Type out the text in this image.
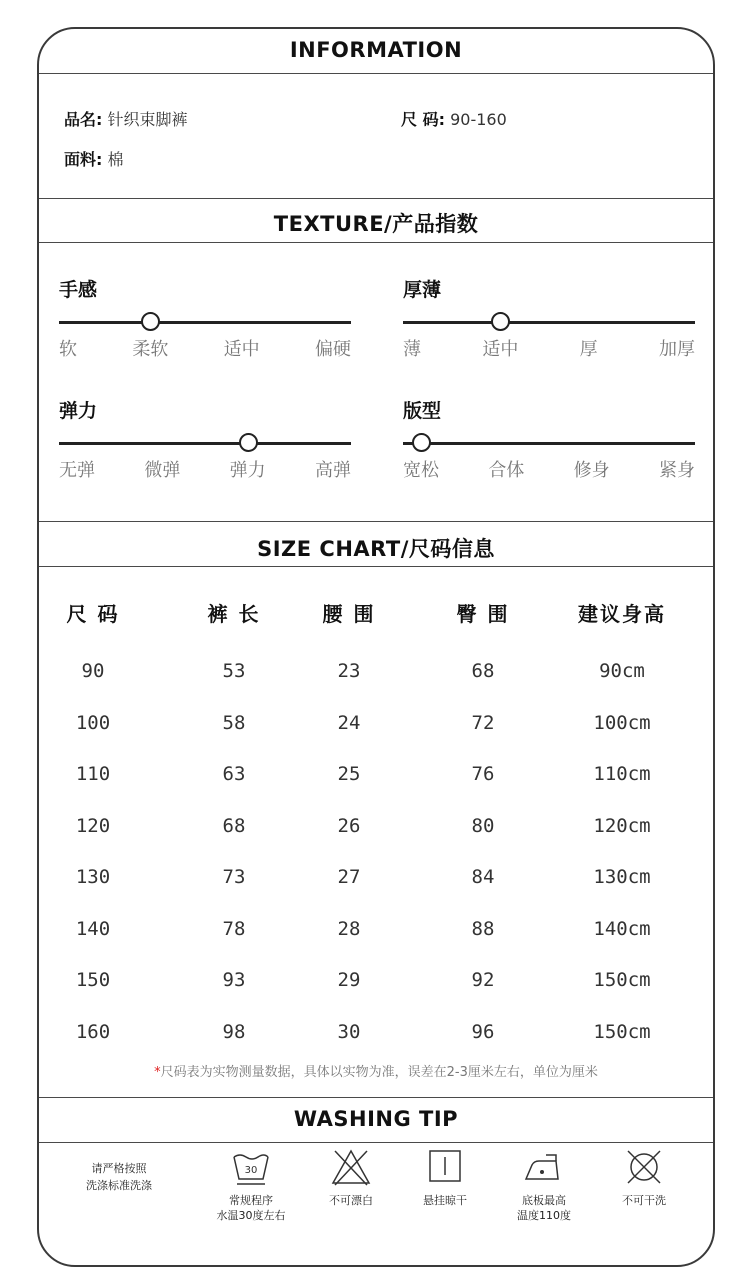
INFORMATION
品名: 针织束脚裤	尺 码: 90-160
面料: 棉
TEXTURE/产品指数
手感
软	柔软	适中	偏硬
厚薄
薄	适中	厚	加厚
弹力
无弹	微弹	弹力	高弹
版型
宽松	合体	修身	紧身
SIZE CHART/尺码信息
尺 码	裤 长	腰 围	臀 围	建议身高
90	53	23	68	90cm
100	58	24	72	100cm
110	63	25	76	110cm
120	68	26	80	120cm
130	73	27	84	130cm
140	78	28	88	140cm
150	93	29	92	150cm
160	98	30	96	150cm
*尺码表为实物测量数据，具体以实物为准，误差在2-3厘米左右，单位为厘米
WASHING TIP
请严格按照
洗涤标准洗涤
30
常规程序
水温30度左右
不可漂白	悬挂晾干	底板最高
温度110度
不可干洗
